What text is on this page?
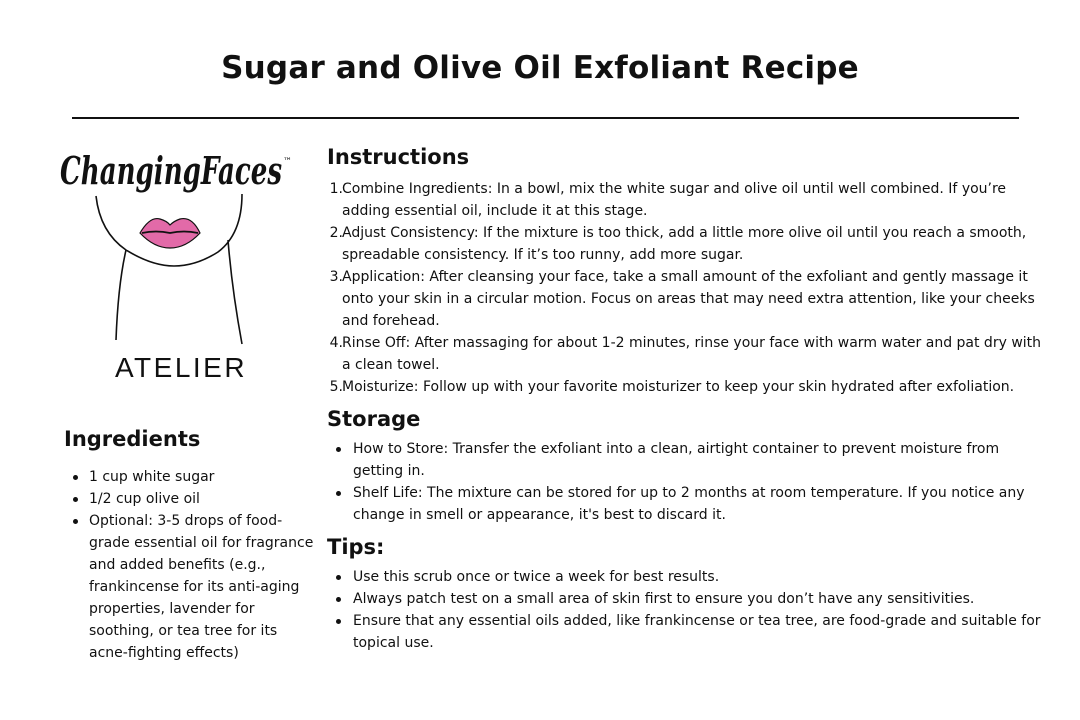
Sugar and Olive Oil Exfoliant Recipe
ChangingFaces ™
ATELIER
Ingredients
1 cup white sugar
1/2 cup olive oil
Optional: 3-5 drops of food-grade essential oil for fragrance and added benefits (e.g., frankincense for its anti-aging properties, lavender for soothing, or tea tree for its acne-fighting effects)
Instructions
1. Combine Ingredients: In a bowl, mix the white sugar and olive oil until well combined. If you’re adding essential oil, include it at this stage.
2. Adjust Consistency: If the mixture is too thick, add a little more olive oil until you reach a smooth, spreadable consistency. If it’s too runny, add more sugar.
3. Application: After cleansing your face, take a small amount of the exfoliant and gently massage it onto your skin in a circular motion. Focus on areas that may need extra attention, like your cheeks and forehead.
4. Rinse Off: After massaging for about 1-2 minutes, rinse your face with warm water and pat dry with a clean towel.
5. Moisturize: Follow up with your favorite moisturizer to keep your skin hydrated after exfoliation.
Storage
How to Store: Transfer the exfoliant into a clean, airtight container to prevent moisture from getting in.
Shelf Life: The mixture can be stored for up to 2 months at room temperature. If you notice any change in smell or appearance, it's best to discard it.
Tips:
Use this scrub once or twice a week for best results.
Always patch test on a small area of skin first to ensure you don’t have any sensitivities.
Ensure that any essential oils added, like frankincense or tea tree, are food-grade and suitable for topical use.
